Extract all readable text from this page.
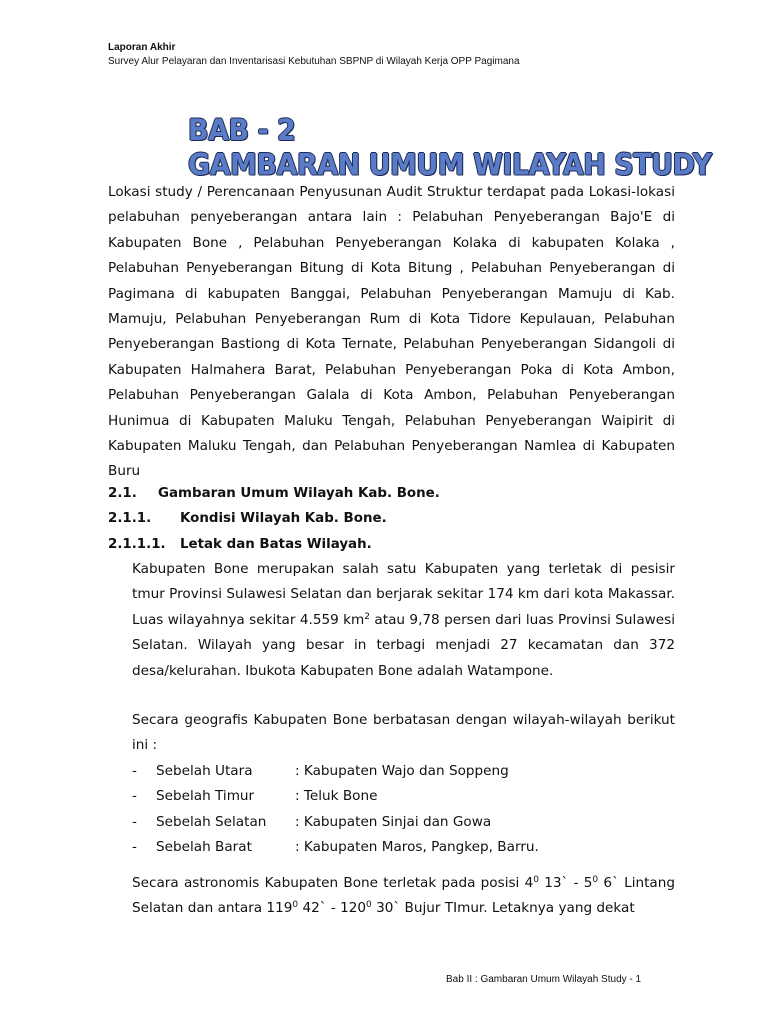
Laporan Akhir
Survey Alur Pelayaran dan Inventarisasi Kebutuhan SBPNP di Wilayah Kerja OPP Pagimana
BAB - 2
GAMBARAN UMUM WILAYAH STUDY

Lokasi study / Perencanaan Penyusunan Audit Struktur terdapat pada Lokasi-lokasi pelabuhan penyeberangan antara lain : Pelabuhan Penyeberangan Bajo'E di Kabupaten Bone , Pelabuhan Penyeberangan Kolaka di kabupaten Kolaka , Pelabuhan Penyeberangan Bitung di Kota Bitung , Pelabuhan Penyeberangan di Pagimana di kabupaten Banggai, Pelabuhan Penyeberangan Mamuju di Kab. Mamuju, Pelabuhan Penyeberangan Rum di Kota Tidore Kepulauan, Pelabuhan Penyeberangan Bastiong di Kota Ternate, Pelabuhan Penyeberangan Sidangoli di Kabupaten Halmahera Barat, Pelabuhan Penyeberangan Poka di Kota Ambon, Pelabuhan Penyeberangan Galala di Kota Ambon, Pelabuhan Penyeberangan Hunimua di Kabupaten Maluku Tengah, Pelabuhan Penyeberangan Waipirit di Kabupaten Maluku Tengah, dan Pelabuhan Penyeberangan Namlea di Kabupaten Buru

2.1. Gambaran Umum Wilayah Kab. Bone.
2.1.1. Kondisi Wilayah Kab. Bone.
2.1.1.1. Letak dan Batas Wilayah.

Kabupaten Bone merupakan salah satu Kabupaten yang terletak di pesisir tmur Provinsi Sulawesi Selatan dan berjarak sekitar 174 km dari kota Makassar. Luas wilayahnya sekitar 4.559 $km^2$ atau 9,78 persen dari luas Provinsi Sulawesi Selatan. Wilayah yang besar in terbagi menjadi 27 kecamatan dan 372 desa/kelurahan. Ibukota Kabupaten Bone adalah Watampone.

Secara geografis Kabupaten Bone berbatasan dengan wilayah-wilayah berikut ini :

- Sebelah Utara	: Kabupaten Wajo dan Soppeng
- Sebelah Timur	: Teluk Bone
- Sebelah Selatan : Kabupaten Sinjai dan Gowa
- Sebelah Barat	: Kabupaten Maros, Pangkep, Barru.

Secara astronomis Kabupaten Bone terletak pada posisi $4^0$ 13` - $5^0$ 6` Lintang Selatan dan antara $119^0$ 42` - $120^0$ 30` Bujur TImur. Letaknya yang dekat

Bab II : Gambaran Umum Wilayah Study - 1
